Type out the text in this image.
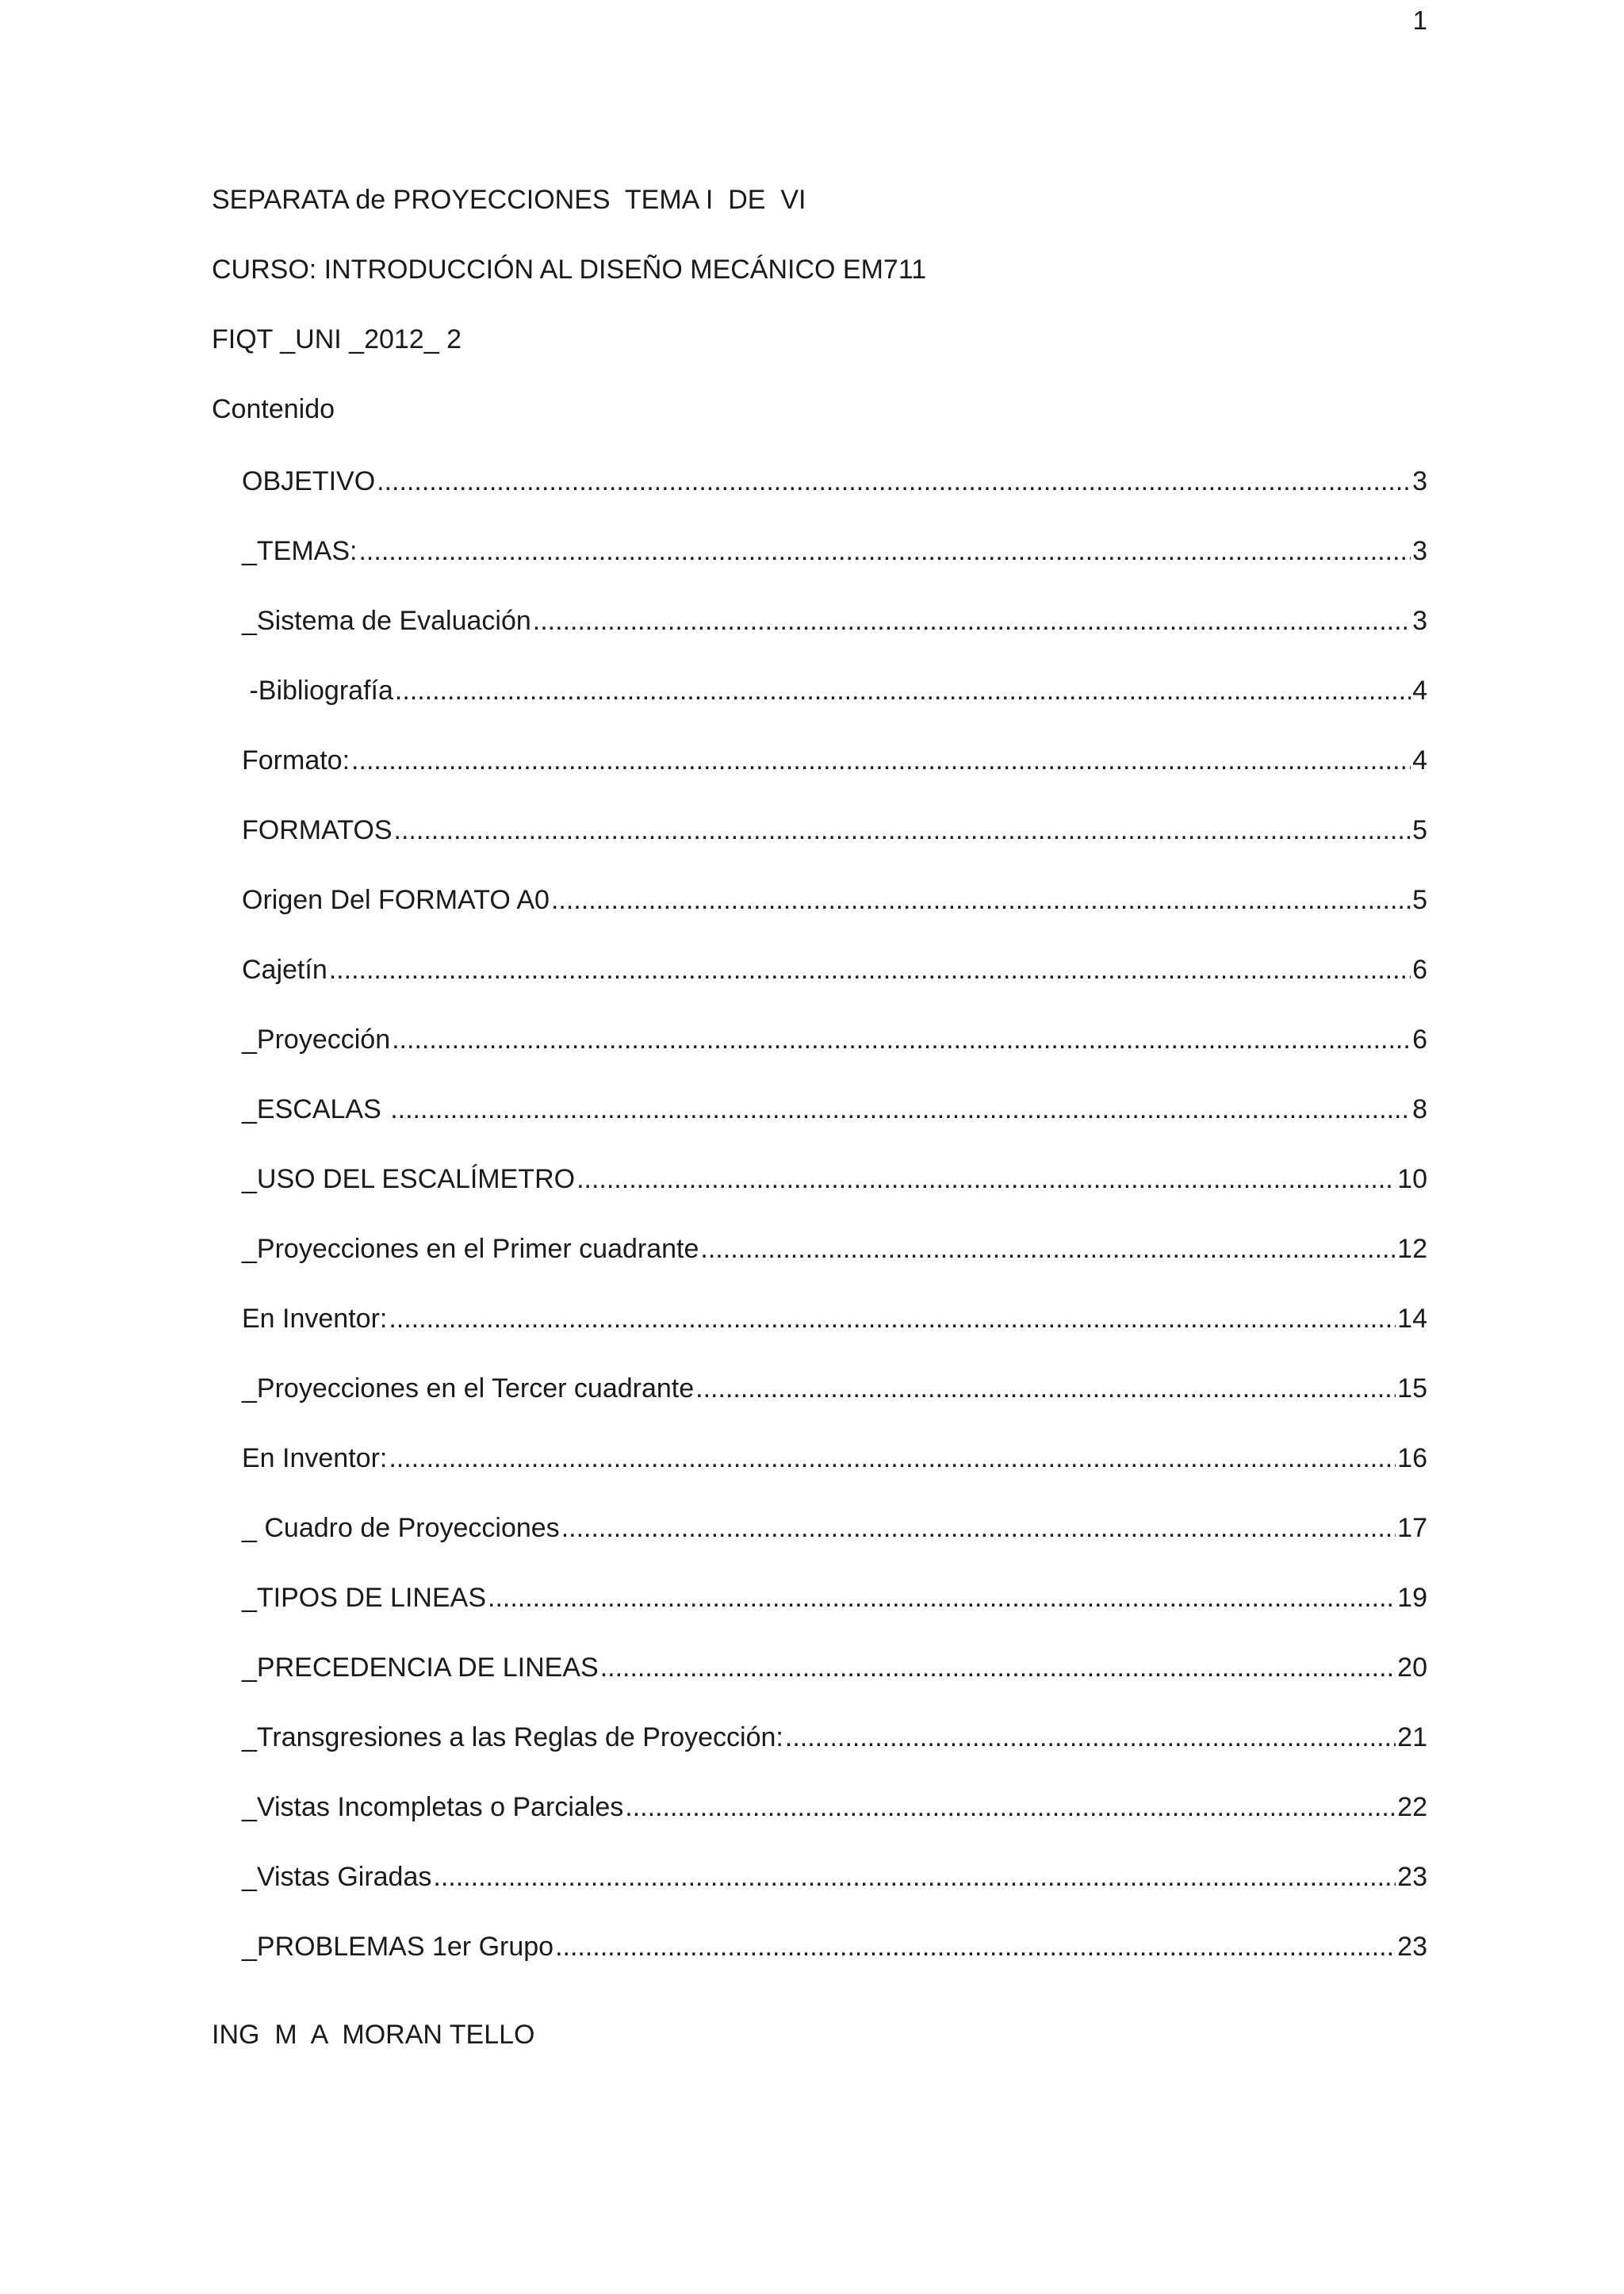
1
SEPARATA de PROYECCIONES  TEMA I  DE  VI
CURSO: INTRODUCCIÓN AL DISEÑO MECÁNICO EM711
FIQT _UNI _2012_ 2
Contenido
OBJETIVO .....	3
_TEMAS: .....	3
_Sistema de Evaluación .....	3
-Bibliografía .....	4
Formato: .....	4
FORMATOS .....	5
Origen Del FORMATO A0 .....	5
Cajetín .....	6
_Proyección .....	6
_ESCALAS .....	8
_USO DEL ESCALÍMETRO .....	10
_Proyecciones en el Primer cuadrante .....	12
En Inventor: .....	14
_Proyecciones en el Tercer cuadrante .....	15
En Inventor: .....	16
_ Cuadro de Proyecciones .....	17
_TIPOS DE LINEAS .....	19
_PRECEDENCIA DE LINEAS .....	20
_Transgresiones a las Reglas de Proyección: .....	21
_Vistas Incompletas o Parciales .....	22
_Vistas Giradas .....	23
_PROBLEMAS 1er Grupo .....	23
ING  M  A  MORAN TELLO
